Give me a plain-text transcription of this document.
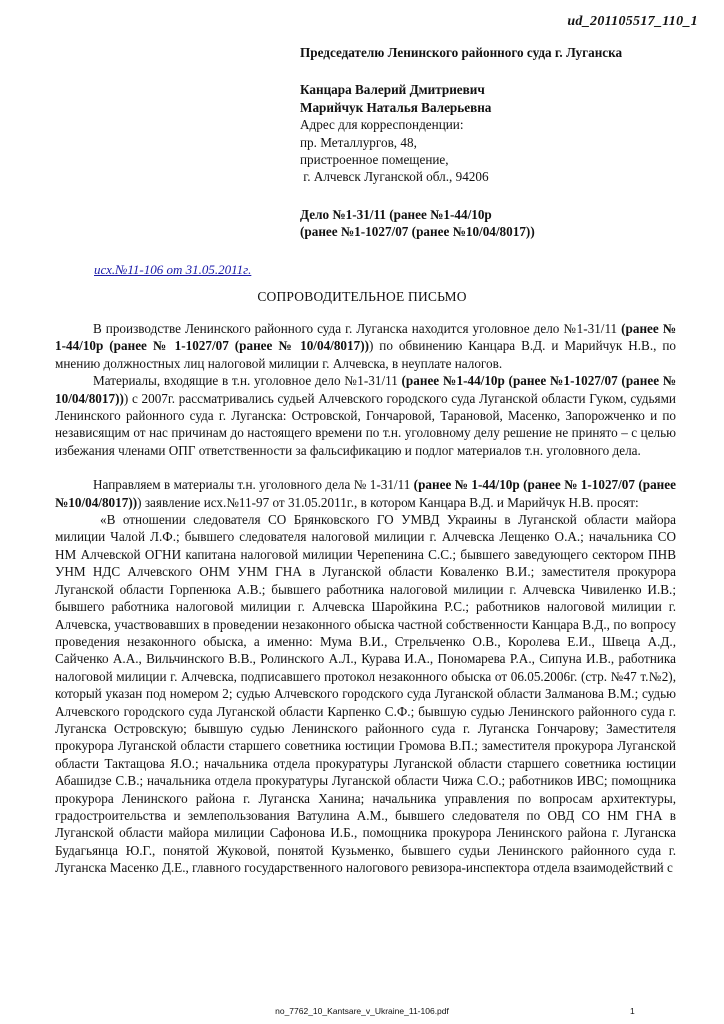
ud_201105517_110_1
Председателю Ленинского районного суда г. Луганска
Канцара Валерий Дмитриевич
Марийчук Наталья Валерьевна
Адрес для корреспонденции:
пр. Металлургов, 48,
пристроенное помещение,
г. Алчевск Луганской обл., 94206
Дело №1-31/11 (ранее №1-44/10р
(ранее №1-1027/07 (ранее №10/04/8017))
исх.№11-106 от 31.05.2011г.
СОПРОВОДИТЕЛЬНОЕ ПИСЬМО

В производстве Ленинского районного суда г. Луганска находится уголовное дело №1-31/11 (ранее № 1-44/10р (ранее № 1-1027/07 (ранее № 10/04/8017))) по обвинению Канцара В.Д. и Марийчук Н.В., по мнению должностных лиц налоговой милиции г. Алчевска, в неуплате налогов.

Материалы, входящие в т.н. уголовное дело №1-31/11 (ранее №1-44/10р (ранее №1-1027/07 (ранее № 10/04/8017))) с 2007г. рассматривались судьей Алчевского городского суда Луганской области Гуком, судьями Ленинского районного суда г. Луганска: Островской, Гончаровой, Тарановой, Масенко, Запорожченко и по независящим от нас причинам до настоящего времени по т.н. уголовному делу решение не принято – с целью избежания членами ОПГ ответственности за фальсификацию и подлог материалов т.н. уголовного дела.

Направляем в материалы т.н. уголовного дела № 1-31/11 (ранее № 1-44/10р (ранее № 1-1027/07 (ранее №10/04/8017))) заявление исх.№11-97 от 31.05.2011г., в котором Канцара В.Д. и Марийчук Н.В. просят:

«В отношении следователя СО Брянковского ГО УМВД Украины в Луганской области майора милиции Чалой Л.Ф.; бывшего следователя налоговой милиции г. Алчевска Лещенко О.А.; начальника СО НМ Алчевской ОГНИ капитана налоговой милиции Черепенина С.С.; бывшего заведующего сектором ПНВ УНМ НДС Алчевского ОНМ УНМ ГНА в Луганской области Коваленко В.И.; заместителя прокурора Луганской области Горпенюка А.В.; бывшего работника налоговой милиции г. Алчевска Чивиленко И.В.; бывшего работника налоговой милиции г. Алчевска Шаройкина Р.С.; работников налоговой милиции г. Алчевска, участвовавших в проведении незаконного обыска частной собственности Канцара В.Д., по вопросу проведения незаконного обыска, а именно: Мума В.И., Стрельченко О.В., Королева Е.И., Швеца А.Д., Сайченко А.А., Вильчинского В.В., Ролинского А.Л., Курава И.А., Пономарева Р.А., Сипуна И.В., работника налоговой милиции г. Алчевска, подписавшего протокол незаконного обыска от 06.05.2006г. (стр. №47 т.№2), который указан под номером 2; судью Алчевского городского суда Луганской области Залманова В.М.; судью Алчевского городского суда Луганской области Карпенко С.Ф.; бывшую судью Ленинского районного суда г. Луганска Островскую; бывшую судью Ленинского районного суда г. Луганска Гончарову; Заместителя прокурора Луганской области старшего советника юстиции Громова В.П.; заместителя прокурора Луганской области Тактащова Я.О.; начальника отдела прокуратуры Луганской области старшего советника юстиции Абашидзе С.В.; начальника отдела прокуратуры Луганской области Чижа С.О.; работников ИВС; помощника прокурора Ленинского района г. Луганска Ханина; начальника управления по вопросам архитектуры, градостроительства и землепользования Ватулина А.М., бывшего следователя по ОВД СО НМ ГНА в Луганской области майора милиции Сафонова И.Б., помощника прокурора Ленинского района г. Луганска Будагьянца Ю.Г., понятой Жуковой, понятой Кузьменко, бывшего судьи Ленинского районного суда г. Луганска Масенко Д.Е., главного государственного налогового ревизора-инспектора отдела взаимодействий с

no_7762_10_Kantsare_v_Ukraine_11-106.pdf	1
